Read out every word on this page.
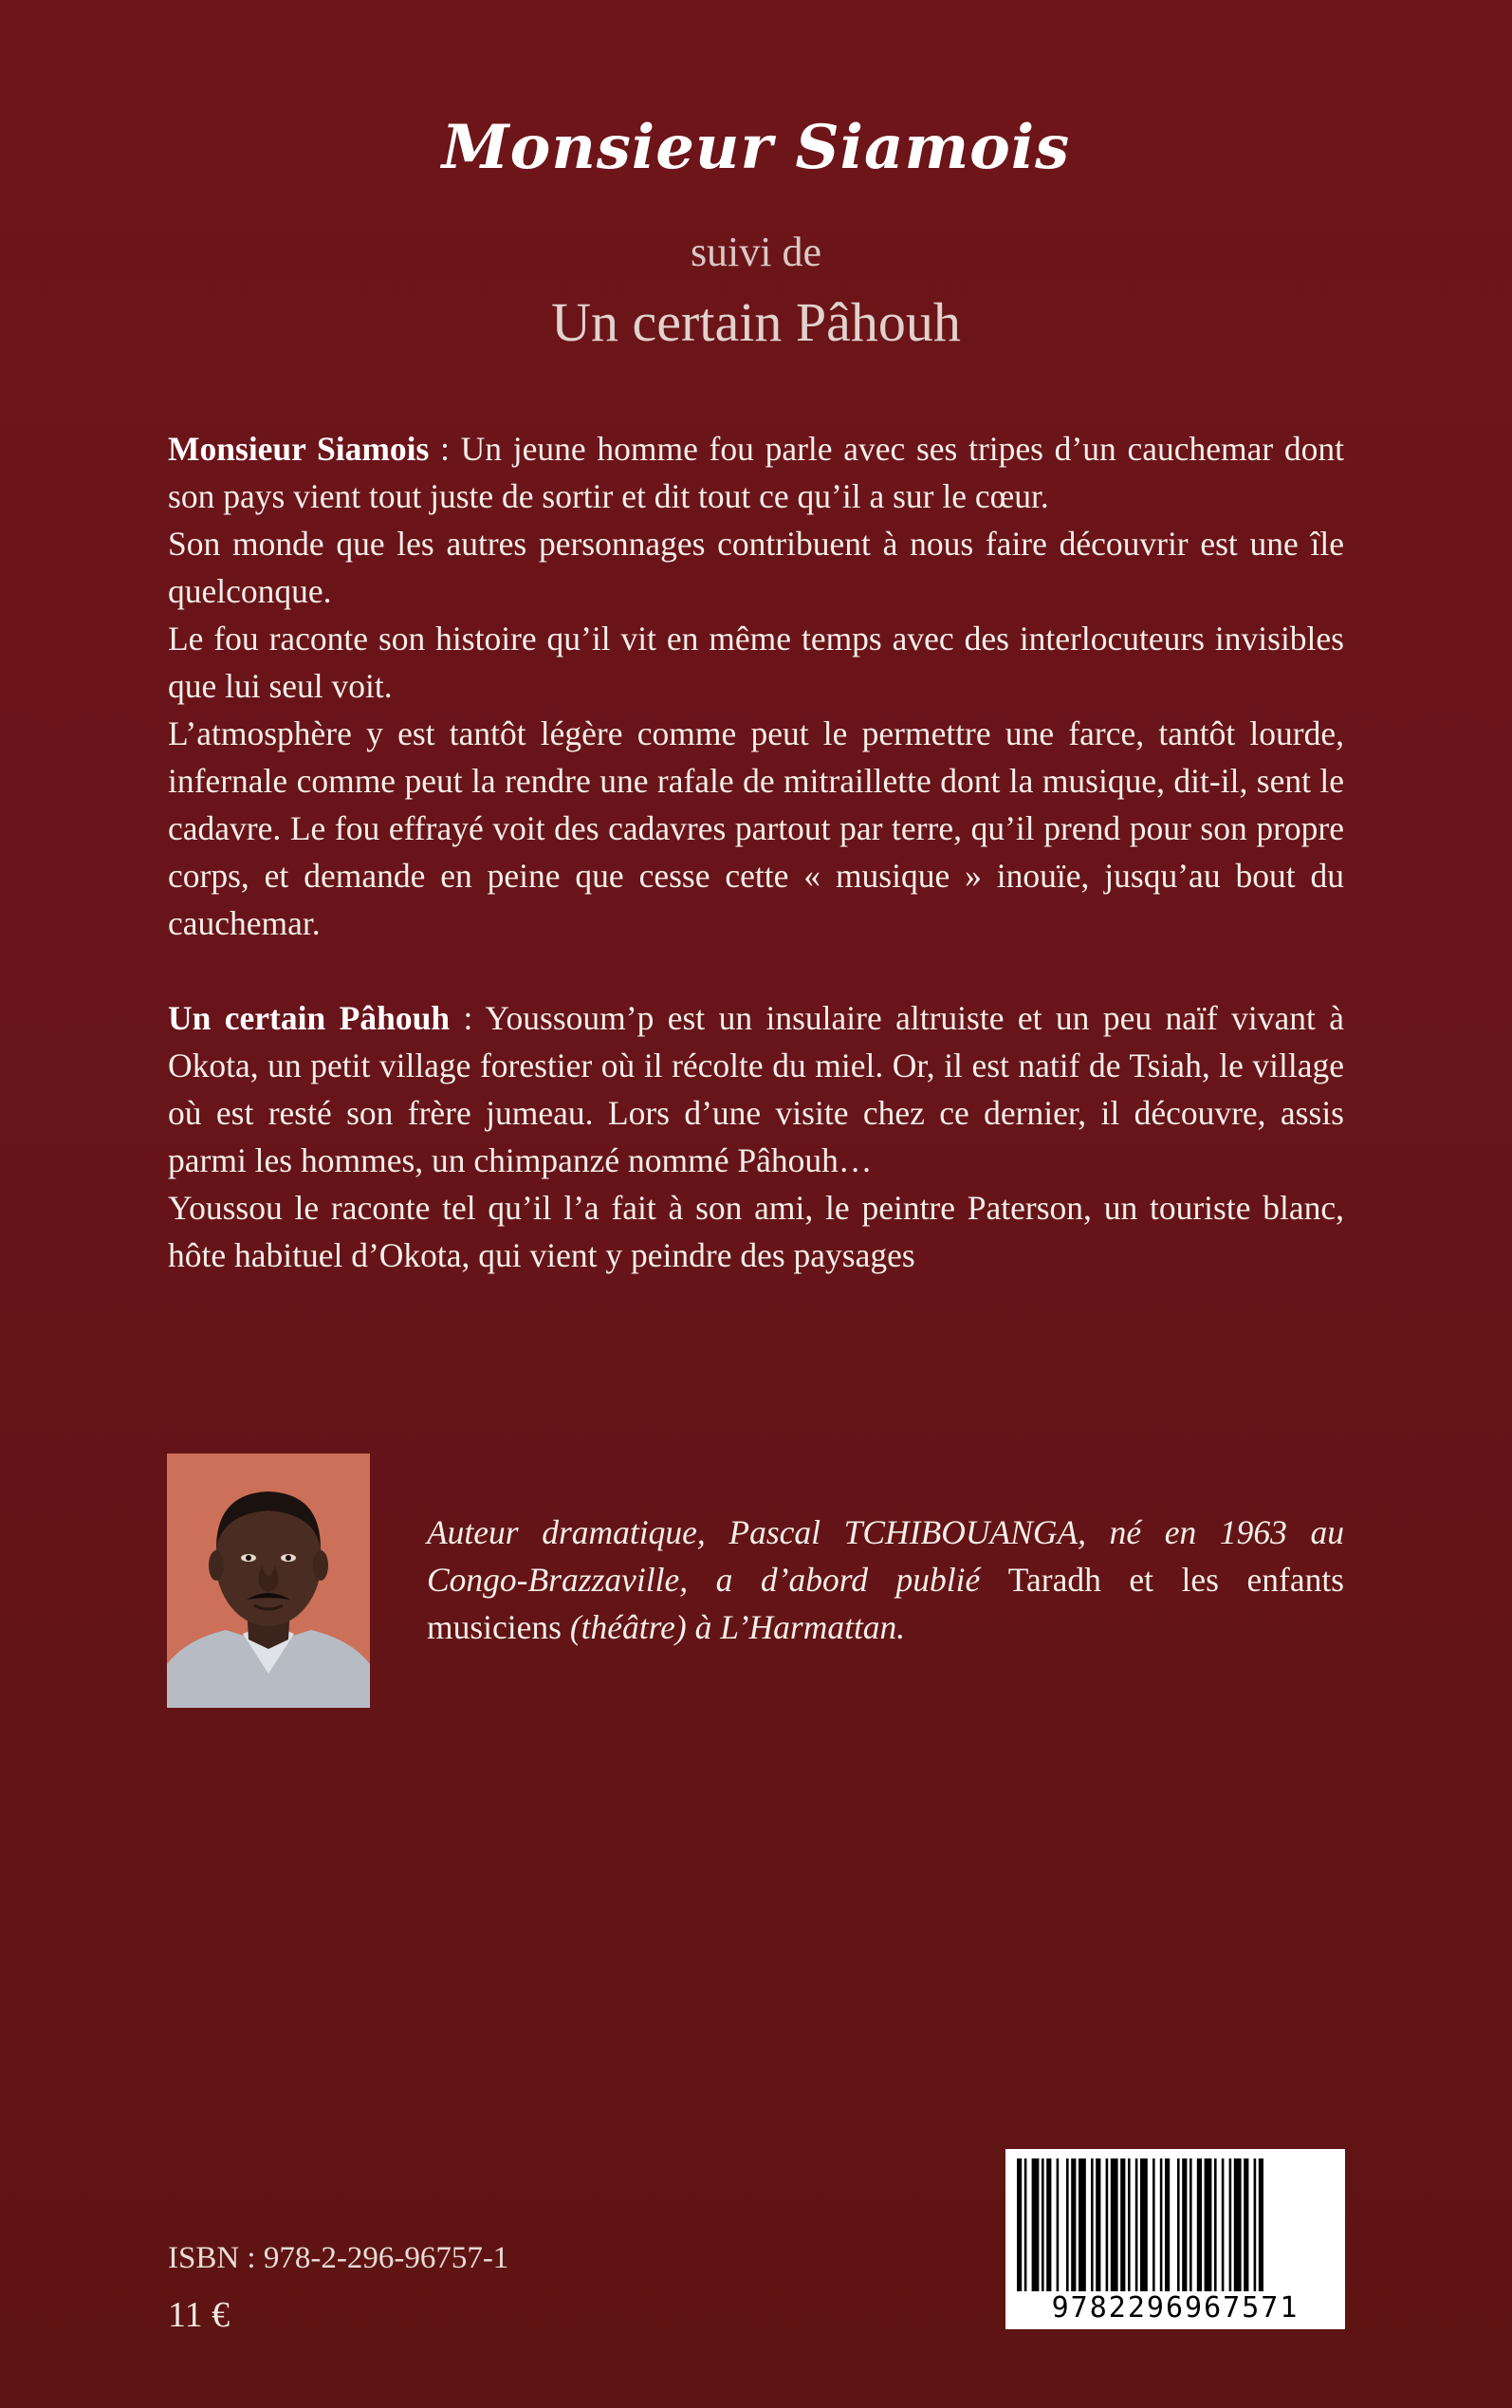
Monsieur Siamois
suivi de
Un certain Pâhouh

Monsieur Siamois : Un jeune homme fou parle avec ses tripes d’un cauchemar dont son pays vient tout juste de sortir et dit tout ce qu’il a sur le cœur.

Son monde que les autres personnages contribuent à nous faire découvrir est une île quelconque.

Le fou raconte son histoire qu’il vit en même temps avec des interlocuteurs invisibles que lui seul voit.

L’atmosphère y est tantôt légère comme peut le permettre une farce, tantôt lourde, infernale comme peut la rendre une rafale de mitraillette dont la musique, dit-il, sent le cadavre. Le fou effrayé voit des cadavres partout par terre, qu’il prend pour son propre corps, et demande en peine que cesse cette « musique » inouïe, jusqu’au bout du cauchemar.

Un certain Pâhouh : Youssoum’p est un insulaire altruiste et un peu naïf vivant à Okota, un petit village forestier où il récolte du miel. Or, il est natif de Tsiah, le village où est resté son frère jumeau. Lors d’une visite chez ce dernier, il découvre, assis parmi les hommes, un chimpanzé nommé Pâhouh…

Youssou le raconte tel qu’il l’a fait à son ami, le peintre Paterson, un touriste blanc, hôte habituel d’Okota, qui vient y peindre des paysages

Auteur dramatique, Pascal TCHIBOUANGA, né en 1963 au Congo-Brazzaville, a d’abord publié Taradh et les enfants musiciens (théâtre) à L’Harmattan.
ISBN : 978-2-296-96757-1
11 €	9782296967571
